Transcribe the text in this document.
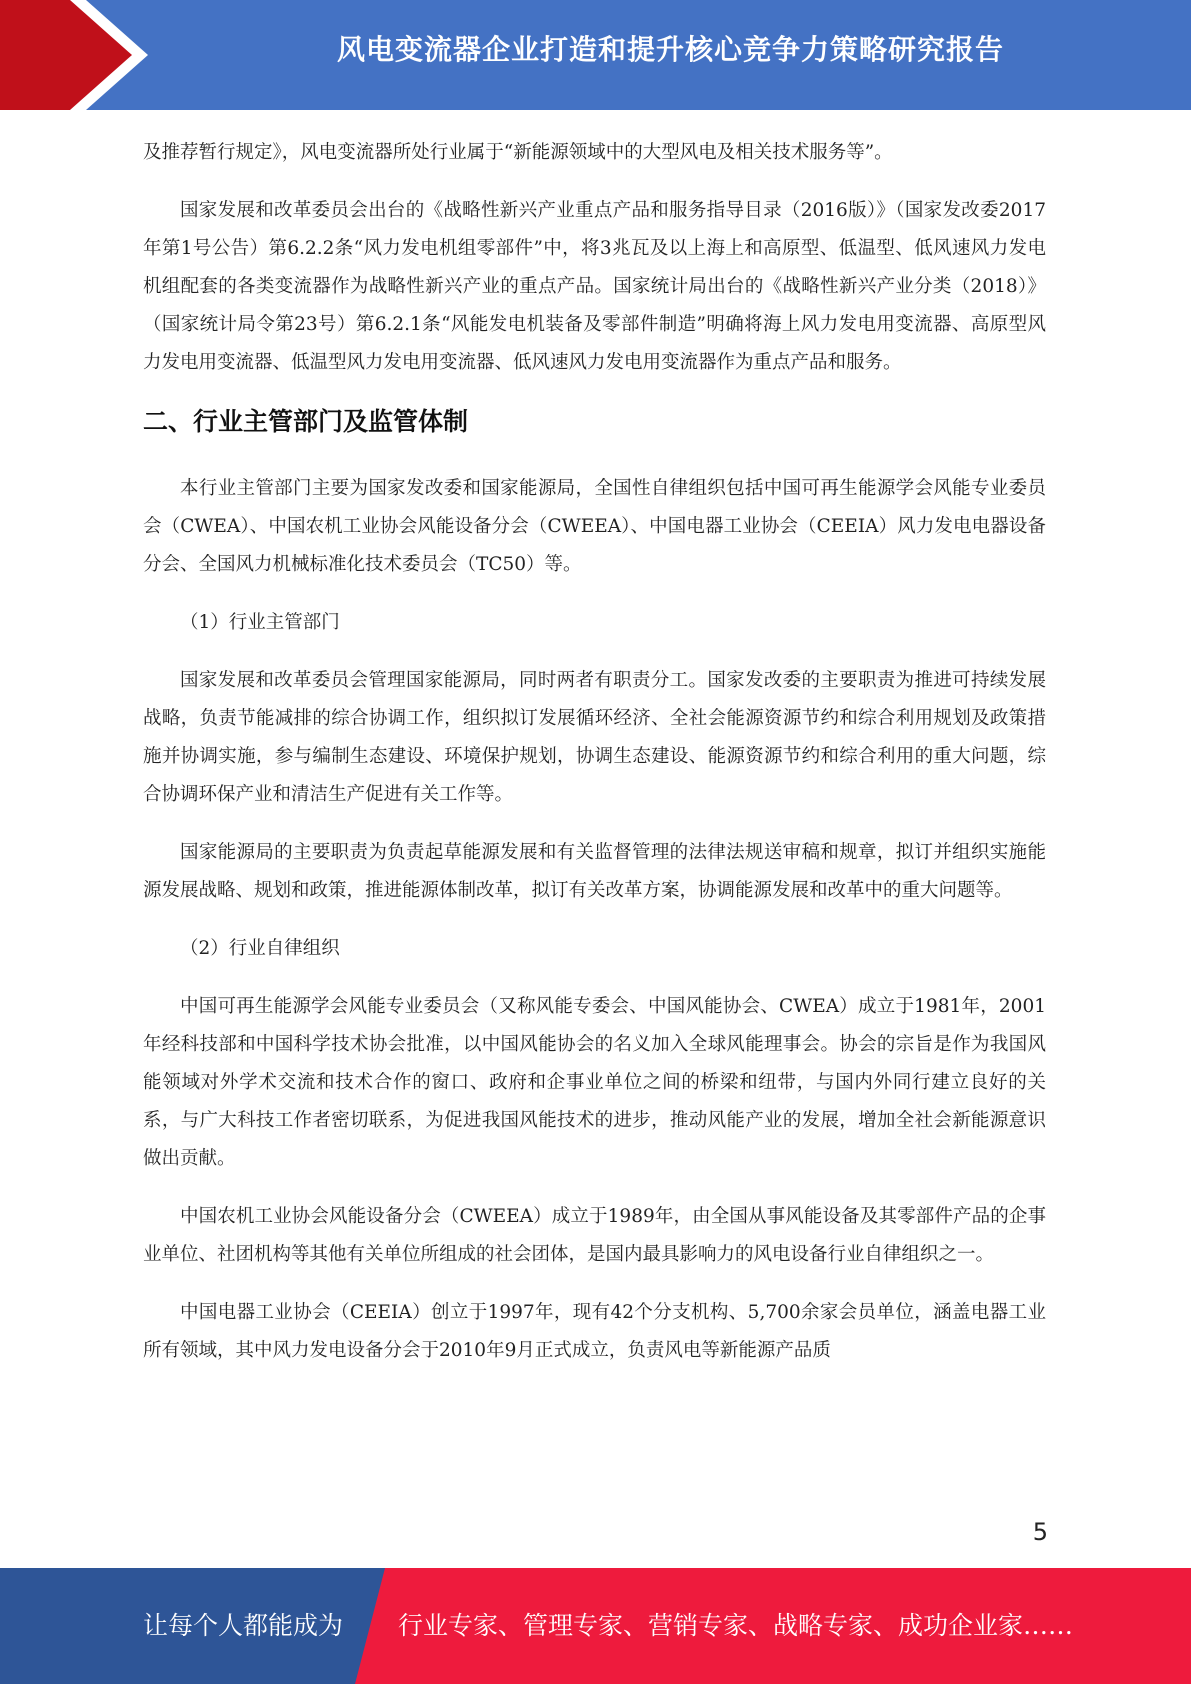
风电变流器企业打造和提升核心竞争力策略研究报告

及推荐暂行规定》，风电变流器所处行业属于“新能源领域中的大型风电及相关技术服务等”。

国家发展和改革委员会出台的《战略性新兴产业重点产品和服务指导目录（2016版）》（国家发改委2017年第1号公告）第6.2.2条“风力发电机组零部件”中，将3兆瓦及以上海上和高原型、低温型、低风速风力发电机组配套的各类变流器作为战略性新兴产业的重点产品。国家统计局出台的《战略性新兴产业分类（2018）》（国家统计局令第23号）第6.2.1条“风能发电机装备及零部件制造”明确将海上风力发电用变流器、高原型风力发电用变流器、低温型风力发电用变流器、低风速风力发电用变流器作为重点产品和服务。

二、行业主管部门及监管体制

本行业主管部门主要为国家发改委和国家能源局，全国性自律组织包括中国可再生能源学会风能专业委员会（CWEA）、中国农机工业协会风能设备分会（CWEEA）、中国电器工业协会（CEEIA）风力发电电器设备分会、全国风力机械标准化技术委员会（TC50）等。

（1）行业主管部门

国家发展和改革委员会管理国家能源局，同时两者有职责分工。国家发改委的主要职责为推进可持续发展战略，负责节能减排的综合协调工作，组织拟订发展循环经济、全社会能源资源节约和综合利用规划及政策措施并协调实施，参与编制生态建设、环境保护规划，协调生态建设、能源资源节约和综合利用的重大问题，综合协调环保产业和清洁生产促进有关工作等。

国家能源局的主要职责为负责起草能源发展和有关监督管理的法律法规送审稿和规章，拟订并组织实施能源发展战略、规划和政策，推进能源体制改革，拟订有关改革方案，协调能源发展和改革中的重大问题等。

（2）行业自律组织

中国可再生能源学会风能专业委员会（又称风能专委会、中国风能协会、CWEA）成立于1981年，2001年经科技部和中国科学技术协会批准，以中国风能协会的名义加入全球风能理事会。协会的宗旨是作为我国风能领域对外学术交流和技术合作的窗口、政府和企事业单位之间的桥梁和纽带，与国内外同行建立良好的关系，与广大科技工作者密切联系，为促进我国风能技术的进步，推动风能产业的发展，增加全社会新能源意识做出贡献。

中国农机工业协会风能设备分会（CWEEA）成立于1989年，由全国从事风能设备及其零部件产品的企事业单位、社团机构等其他有关单位所组成的社会团体，是国内最具影响力的风电设备行业自律组织之一。

中国电器工业协会（CEEIA）创立于1997年，现有42个分支机构、5,700余家会员单位，涵盖电器工业所有领域，其中风力发电设备分会于2010年9月正式成立，负责风电等新能源产品质

5
让每个人都能成为 行业专家、管理专家、营销专家、战略专家、成功企业家……
